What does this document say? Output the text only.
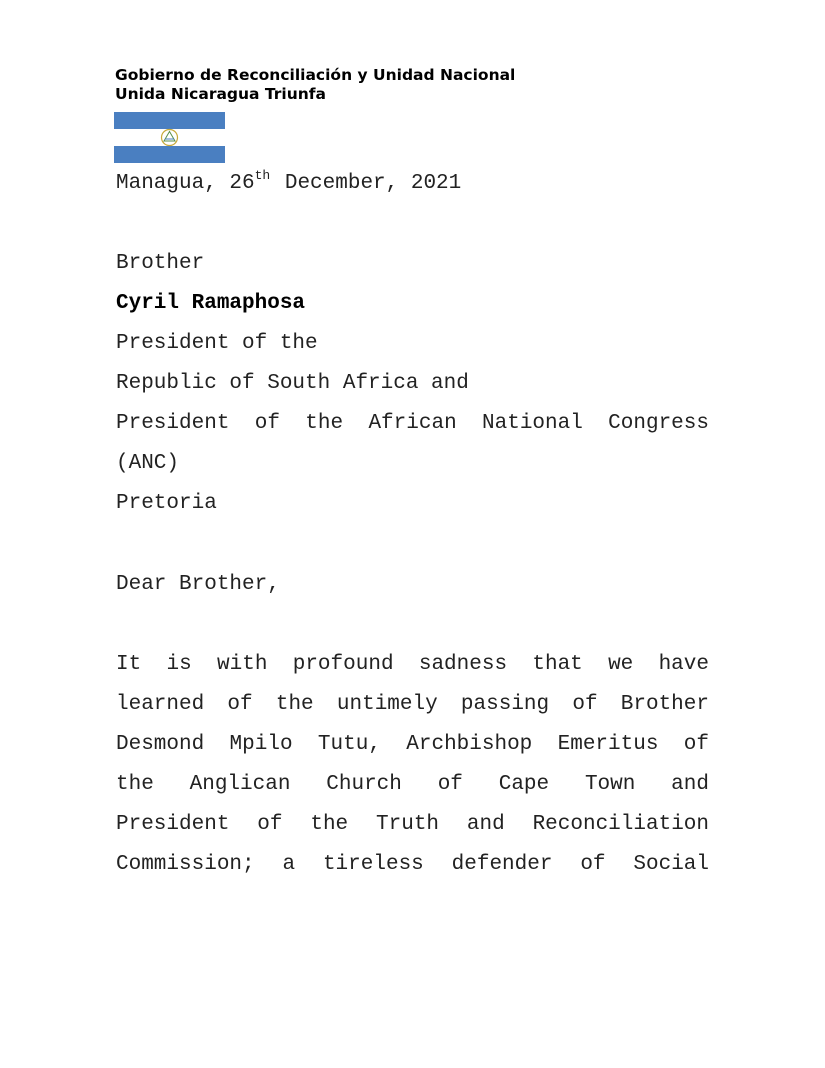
Gobierno de Reconciliación y Unidad Nacional
Unida Nicaragua Triunfa
Managua, 26th December, 2021
Brother
Cyril Ramaphosa
President of the
Republic of South Africa and
President of the African National Congress
(ANC)
Pretoria
Dear Brother,
It is with profound sadness that we have
learned of the untimely passing of Brother
Desmond Mpilo Tutu, Archbishop Emeritus of
the Anglican Church of Cape Town and
President of the Truth and Reconciliation
Commission; a tireless defender of Social
